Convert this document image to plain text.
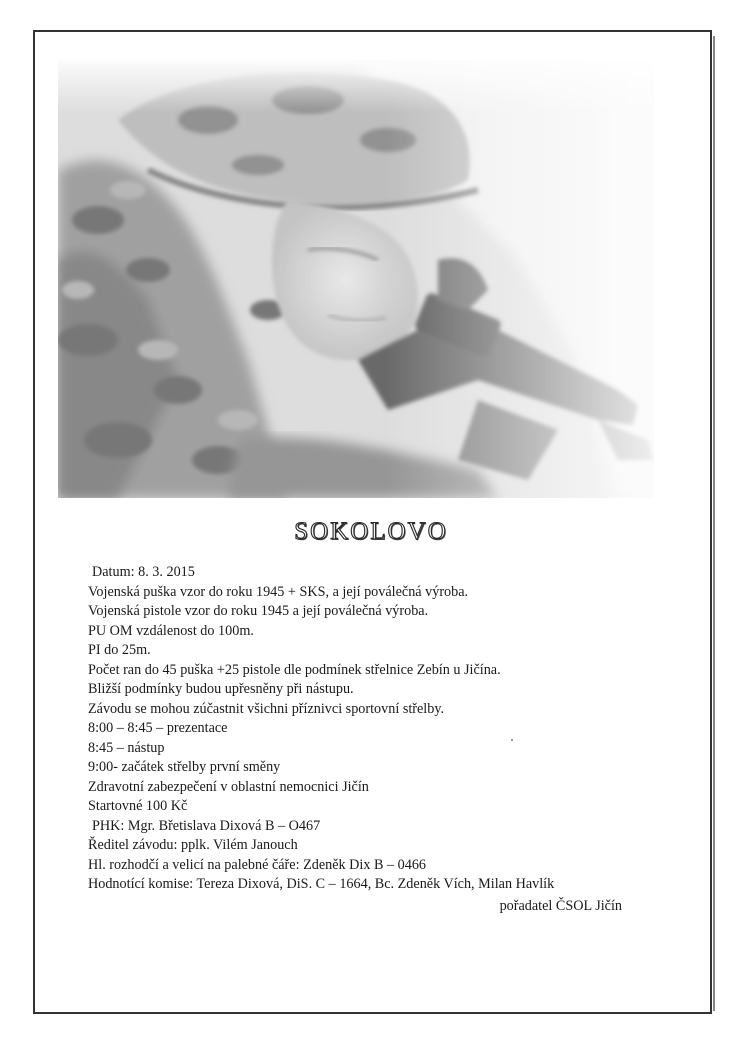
SOKOLOVO
Datum: 8. 3. 2015
Vojenská puška vzor do roku 1945 + SKS, a její poválečná výroba.
Vojenská pistole vzor do roku 1945 a její poválečná výroba.
PU OM vzdálenost do 100m.
PI do 25m.
Počet ran do 45 puška +25 pistole dle podmínek střelnice Zebín u Jičína.
Bližší podmínky budou upřesněny při nástupu.
Závodu se mohou zúčastnit všichni příznivci sportovní střelby.
8:00 – 8:45 – prezentace
8:45 – nástup
9:00- začátek střelby první směny
Zdravotní zabezpečení v oblastní nemocnici Jičín
Startovné 100 Kč
PHK: Mgr. Břetislava Dixová B – O467
Ředitel závodu: pplk. Vilém Janouch
Hl. rozhodčí a velicí na palebné čáře: Zdeněk Dix B – 0466
Hodnotící komise: Tereza Dixová, DiS. C – 1664, Bc. Zdeněk Vích, Milan Havlík
pořadatel ČSOL Jičín
